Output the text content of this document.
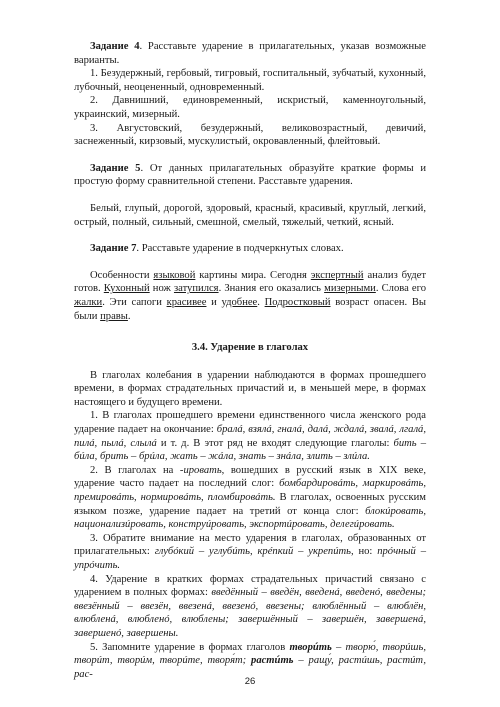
Задание 4. Расставьте ударение в прилагательных, указав возможные варианты.

1. Безудержный, гербовый, тигровый, госпитальный, зубчатый, кухонный, лубочный, неоцененный, одновременный.

2. Давнишний, единовременный, искристый, каменноугольный, украинский, мизерный.

3. Августовский, безудержный, великовозрастный, девичий, заснеженный, кирзовый, мускулистый, окровавленный, флейтовый.

Задание 5. От данных прилагательных образуйте краткие формы и простую форму сравнительной степени. Расставьте ударения.

Белый, глупый, дорогой, здоровый, красный, красивый, круглый, легкий, острый, полный, сильный, смешной, смелый, тяжелый, четкий, ясный.

Задание 7. Расставьте ударение в подчеркнутых словах.

Особенности языковой картины мира. Сегодня экспертный анализ будет готов. Кухонный нож затупился. Знания его оказались мизерными. Слова его жалки. Эти сапоги красивее и удобнее. Подростковый возраст опасен. Вы были правы.

3.4. Ударение в глаголах

В глаголах колебания в ударении наблюдаются в формах прошедшего времени, в формах страдательных причастий и, в меньшей мере, в формах настоящего и будущего времени.

1. В глаголах прошедшего времени единственного числа женского рода ударение падает на окончание: бралá, взялá, гналá, далá, ждалá, звалá, лгалá, пилá, пылá, слылá и т. д. В этот ряд не входят следующие глаголы: бить – бúла, брить – брúла, жать – жáла, знать – знáла, злить – злúла.

2. В глаголах на -ировать, вошедших в русский язык в XIX веке, ударение часто падает на последний слог: бомбардировáть, маркировáть, премировáть, нормировáть, пломбировáть. В глаголах, освоенных русским языком позже, ударение падает на третий от конца слог: блокúровать, национализúровать, конструúровать, экспортúровать, делегúровать.

3. Обратите внимание на место ударения в глаголах, образованных от прилагательных: глубóкий – углубúть, крéпкий – укрепúть, но: прóчный – упрóчить.

4. Ударение в кратких формах страдательных причастий связано с ударением в полных формах: введённый – введён, введенá, введенó, введены; ввезённый – ввезён, ввезенá, ввезенó, ввезены; влюблённый – влюблён, влюбленá, влюбленó, влюблены; завершённый – завершён, завершенá, завершенó, завершены.

5. Запомните ударение в формах глаголов творúть – творю́, творúшь, творúт, творúм, творúте, творя́т; растúть – ращу́, растúшь, растúт, рас-

26
